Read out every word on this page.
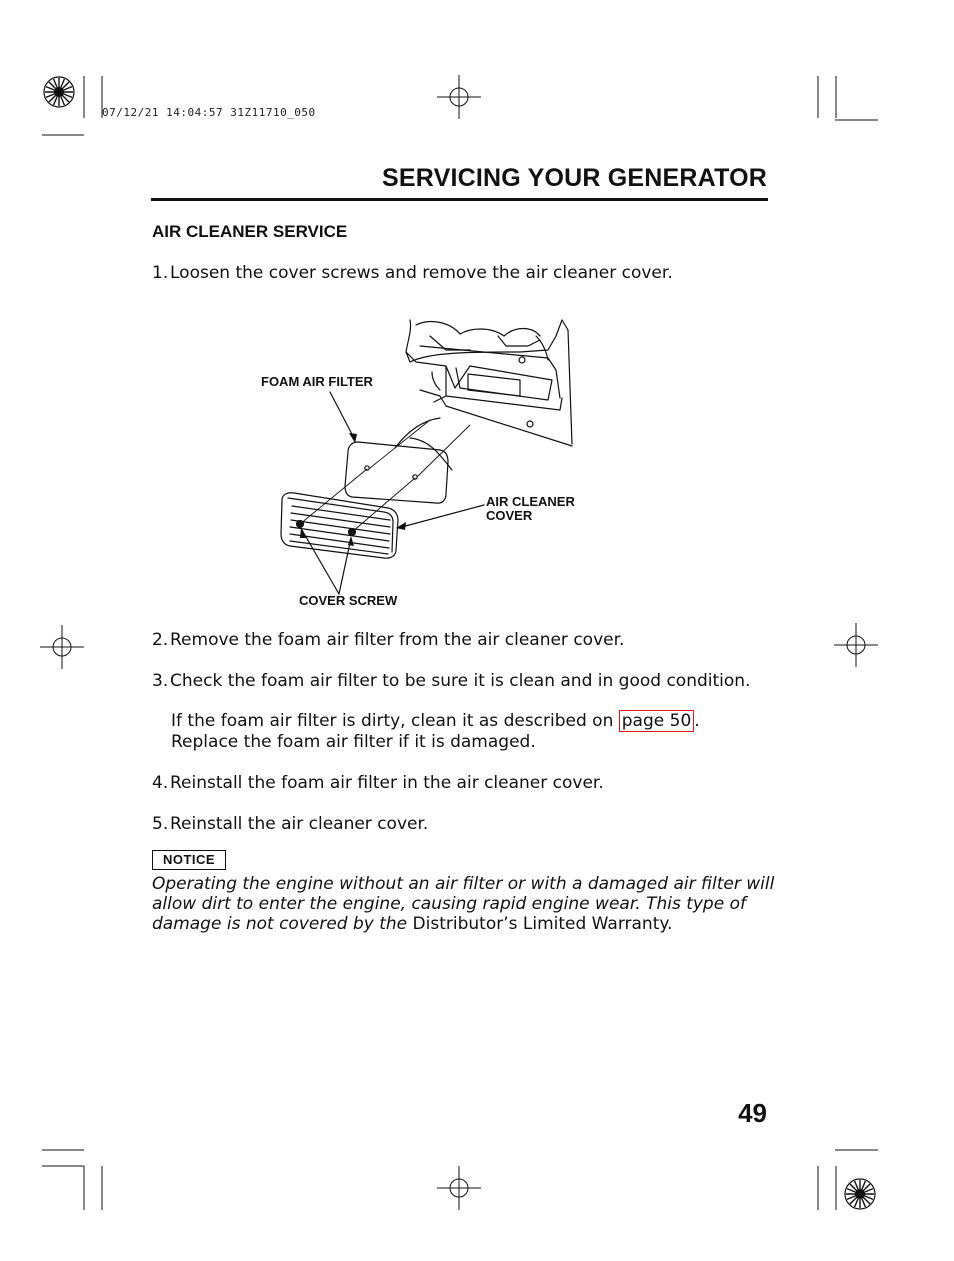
07/12/21 14:04:57 31Z11710_050
SERVICING YOUR GENERATOR
AIR CLEANER SERVICE
1. Loosen the cover screws and remove the air cleaner cover.
FOAM AIR FILTER
AIR CLEANER
COVER
COVER SCREW
2. Remove the foam air filter from the air cleaner cover.
3. Check the foam air filter to be sure it is clean and in good condition.
If the foam air filter is dirty, clean it as described on page 50 .
Replace the foam air filter if it is damaged.
4. Reinstall the foam air filter in the air cleaner cover.
5. Reinstall the air cleaner cover.
NOTICE
Operating the engine without an air filter or with a damaged air filter will allow dirt to enter the engine, causing rapid engine wear. This type of damage is not covered by the Distributor’s Limited Warranty.
49
